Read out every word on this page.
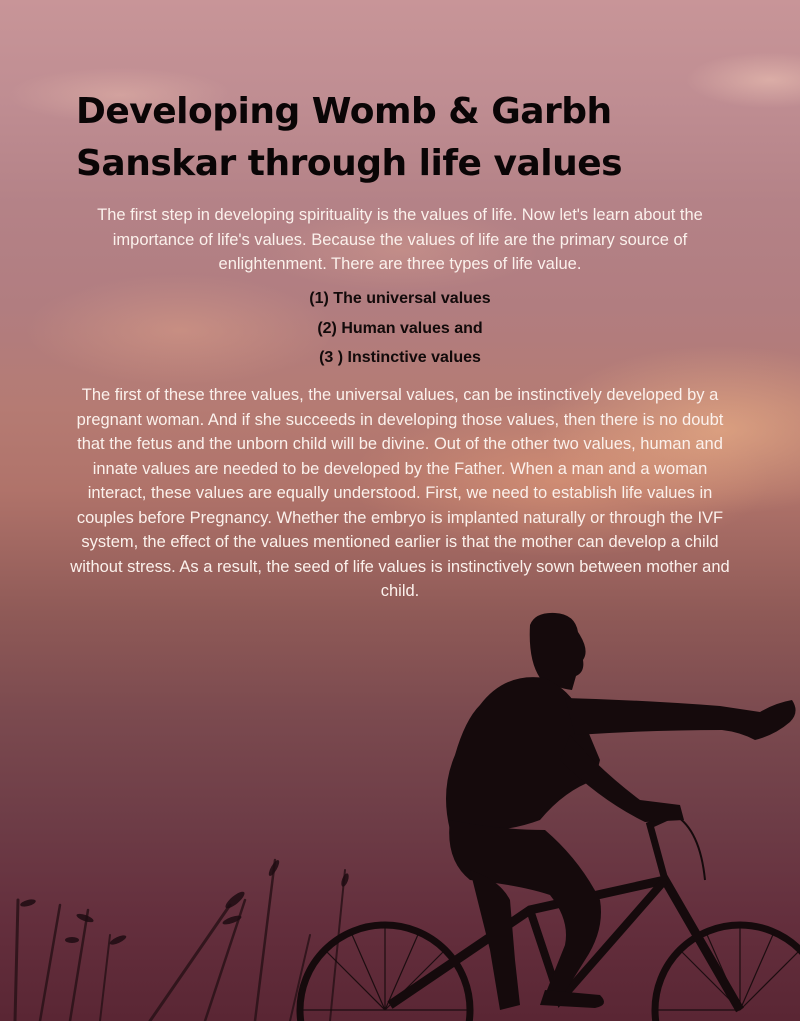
Developing Womb & Garbh
Sanskar through life values

The first step in developing spirituality is the values of life. Now let's learn about the importance of life's values. Because the values of life are the primary source of enlightenment. There are three types of life value.

(1) The universal values
(2) Human values and
(3 ) Instinctive values

The first of these three values, the universal values, can be instinctively developed by a pregnant woman. And if she succeeds in developing those values, then there is no doubt that the fetus and the unborn child will be divine. Out of the other two values, human and innate values are needed to be developed by the Father. When a man and a woman interact, these values are equally understood. First, we need to establish life values in couples before Pregnancy. Whether the embryo is implanted naturally or through the IVF system, the effect of the values mentioned earlier is that the mother can develop a child without stress. As a result, the seed of life values is instinctively sown between mother and child.
